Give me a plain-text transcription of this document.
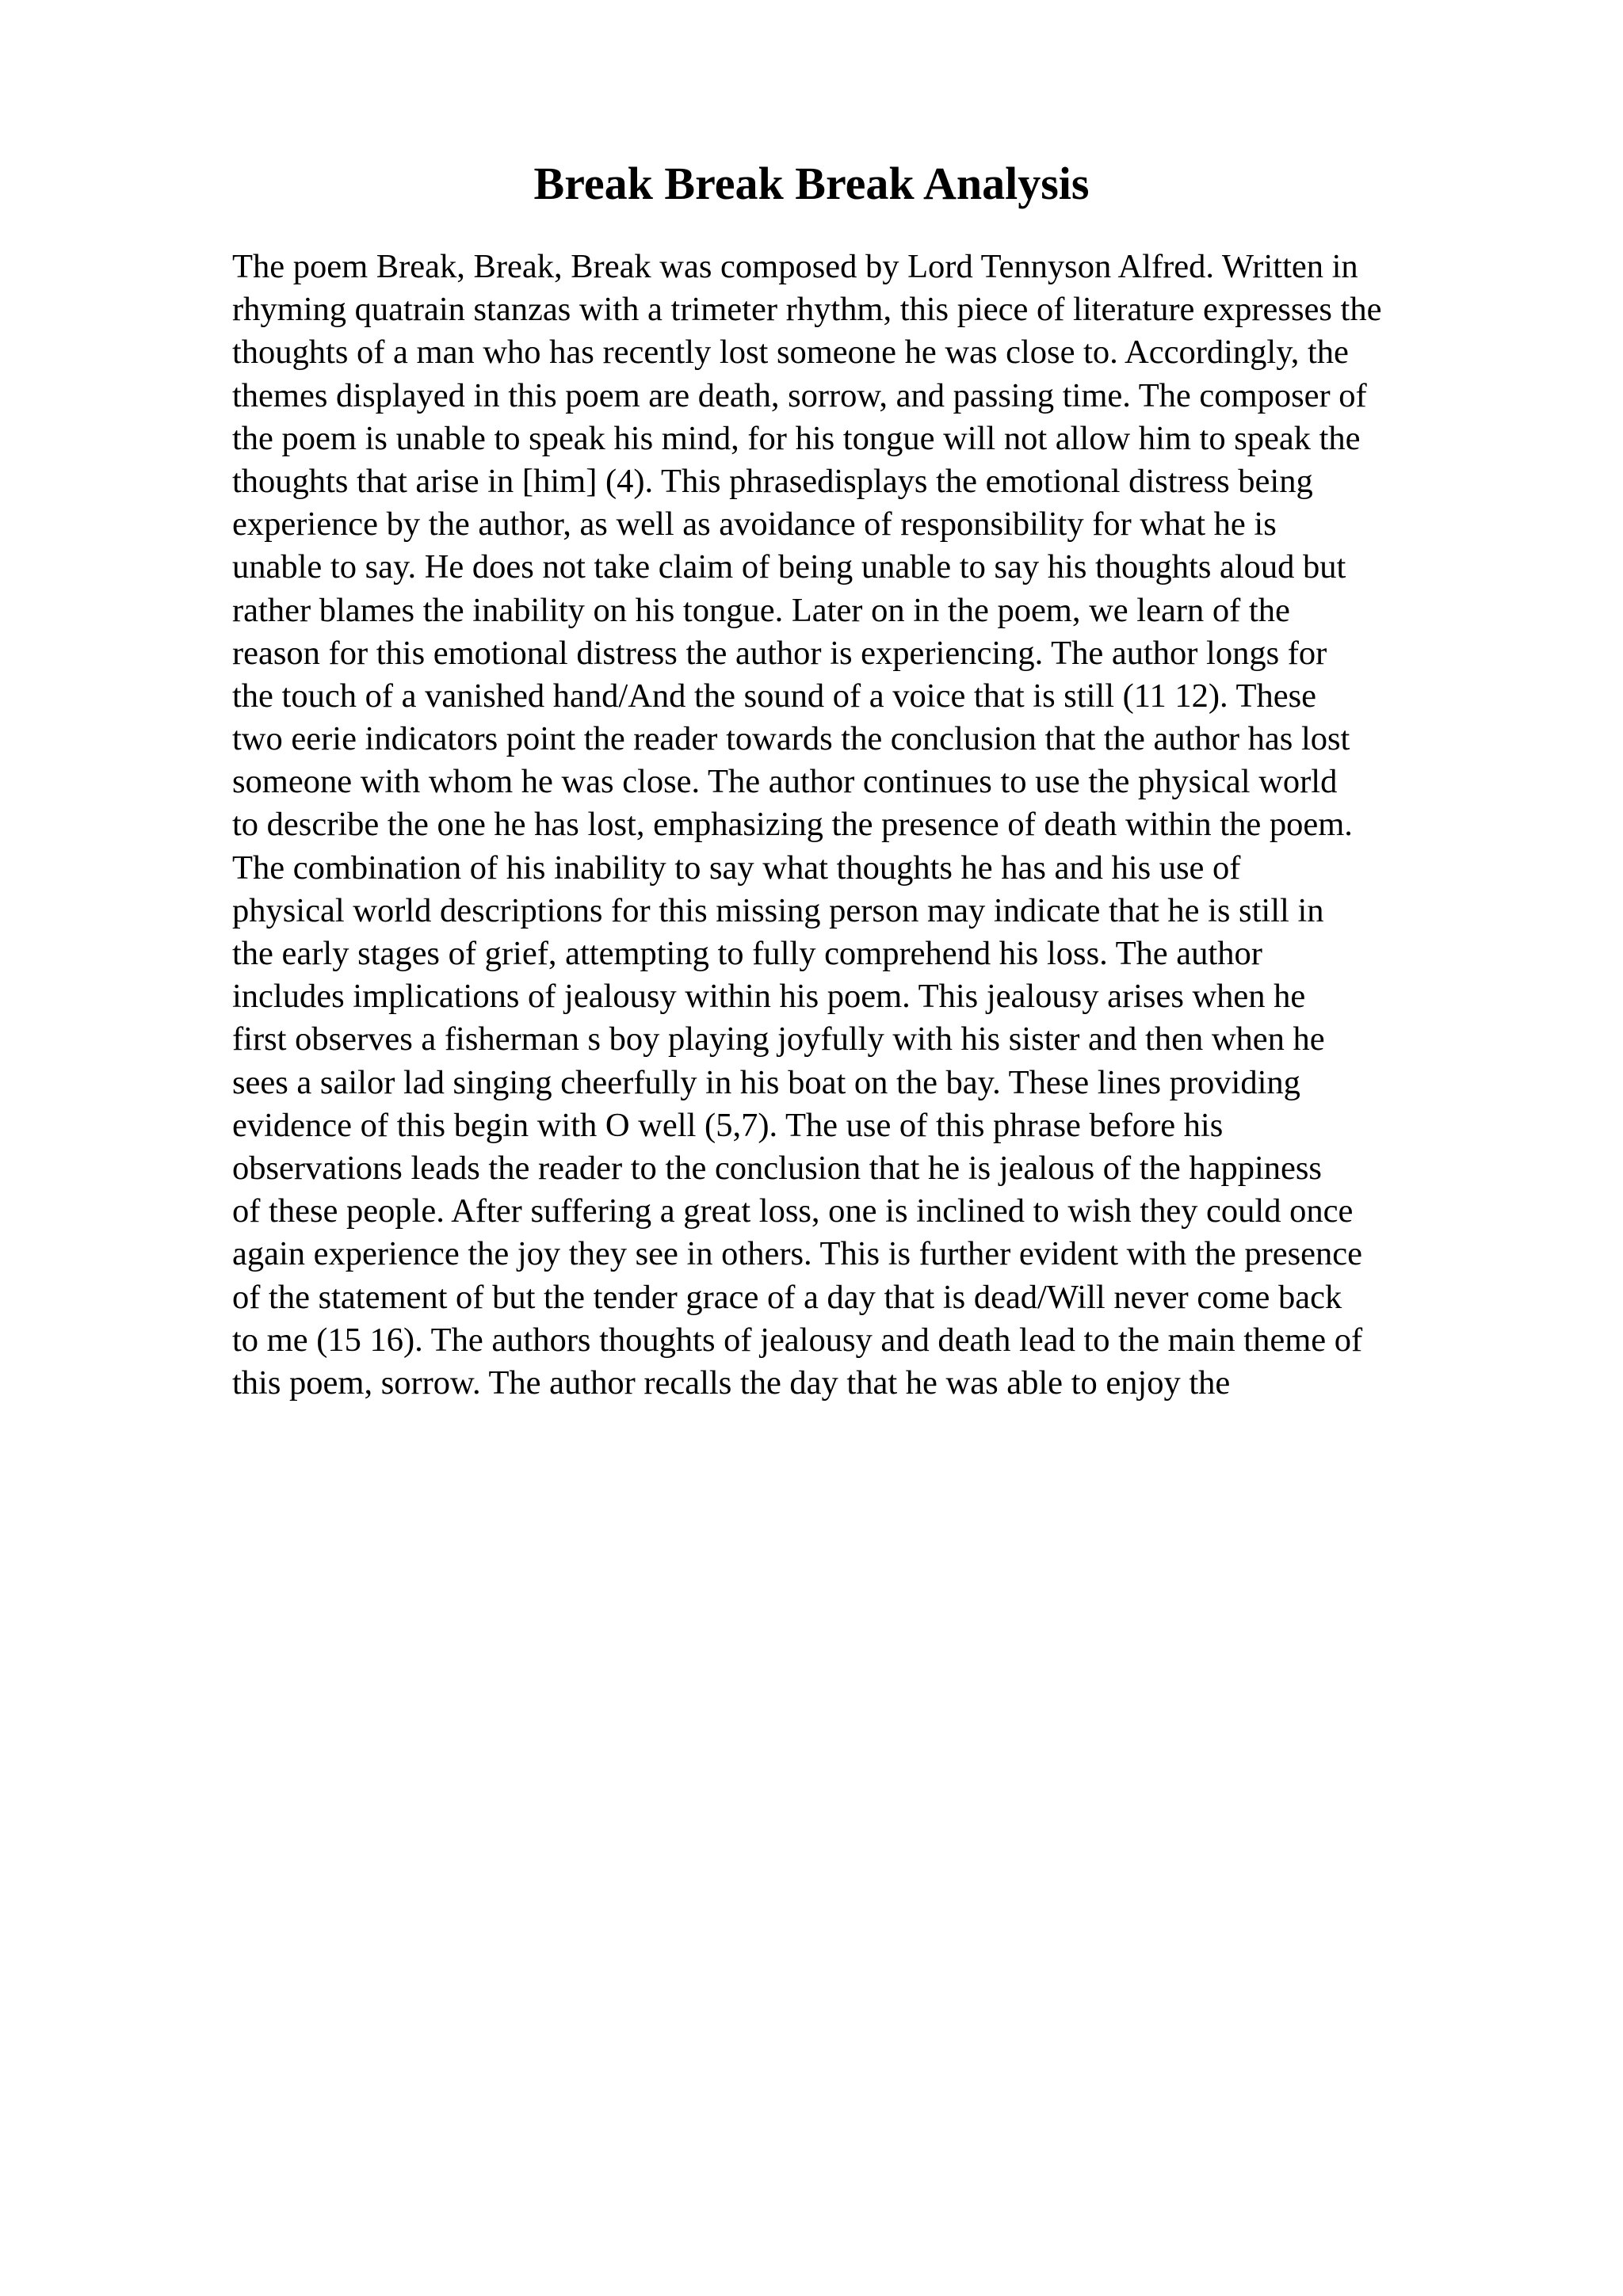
Break Break Break Analysis
The poem Break, Break, Break was composed by Lord Tennyson Alfred. Written in
rhyming quatrain stanzas with a trimeter rhythm, this piece of literature expresses the
thoughts of a man who has recently lost someone he was close to. Accordingly, the
themes displayed in this poem are death, sorrow, and passing time. The composer of
the poem is unable to speak his mind, for his tongue will not allow him to speak the
thoughts that arise in [him] (4). This phrasedisplays the emotional distress being
experience by the author, as well as avoidance of responsibility for what he is
unable to say. He does not take claim of being unable to say his thoughts aloud but
rather blames the inability on his tongue. Later on in the poem, we learn of the
reason for this emotional distress the author is experiencing. The author longs for
the touch of a vanished hand/And the sound of a voice that is still (11 12). These
two eerie indicators point the reader towards the conclusion that the author has lost
someone with whom he was close. The author continues to use the physical world
to describe the one he has lost, emphasizing the presence of death within the poem.
The combination of his inability to say what thoughts he has and his use of
physical world descriptions for this missing person may indicate that he is still in
the early stages of grief, attempting to fully comprehend his loss. The author
includes implications of jealousy within his poem. This jealousy arises when he
first observes a fisherman s boy playing joyfully with his sister and then when he
sees a sailor lad singing cheerfully in his boat on the bay. These lines providing
evidence of this begin with O well (5,7). The use of this phrase before his
observations leads the reader to the conclusion that he is jealous of the happiness
of these people. After suffering a great loss, one is inclined to wish they could once
again experience the joy they see in others. This is further evident with the presence
of the statement of but the tender grace of a day that is dead/Will never come back
to me (15 16). The authors thoughts of jealousy and death lead to the main theme of
this poem, sorrow. The author recalls the day that he was able to enjoy the
